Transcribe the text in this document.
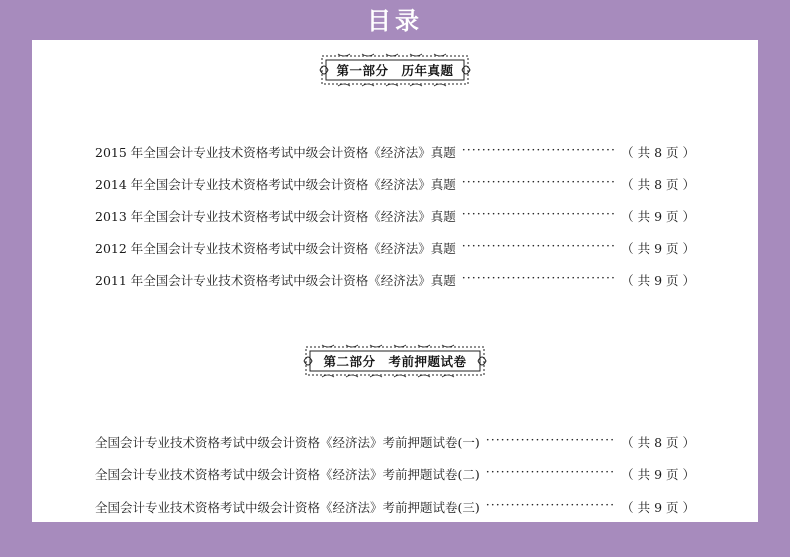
目录
第一部分　历年真题
2015 年全国会计专业技术资格考试中级会计资格《经济法》真题 ·····	（ 共 8 页 ）
2014 年全国会计专业技术资格考试中级会计资格《经济法》真题 ·····	（ 共 8 页 ）
2013 年全国会计专业技术资格考试中级会计资格《经济法》真题 ·····	（ 共 9 页 ）
2012 年全国会计专业技术资格考试中级会计资格《经济法》真题 ·····	（ 共 9 页 ）
2011 年全国会计专业技术资格考试中级会计资格《经济法》真题 ·····	（ 共 9 页 ）
第二部分　考前押题试卷
全国会计专业技术资格考试中级会计资格《经济法》考前押题试卷(一) ·····	（ 共 8 页 ）
全国会计专业技术资格考试中级会计资格《经济法》考前押题试卷(二) ·····	（ 共 9 页 ）
全国会计专业技术资格考试中级会计资格《经济法》考前押题试卷(三) ·····	（ 共 9 页 ）
